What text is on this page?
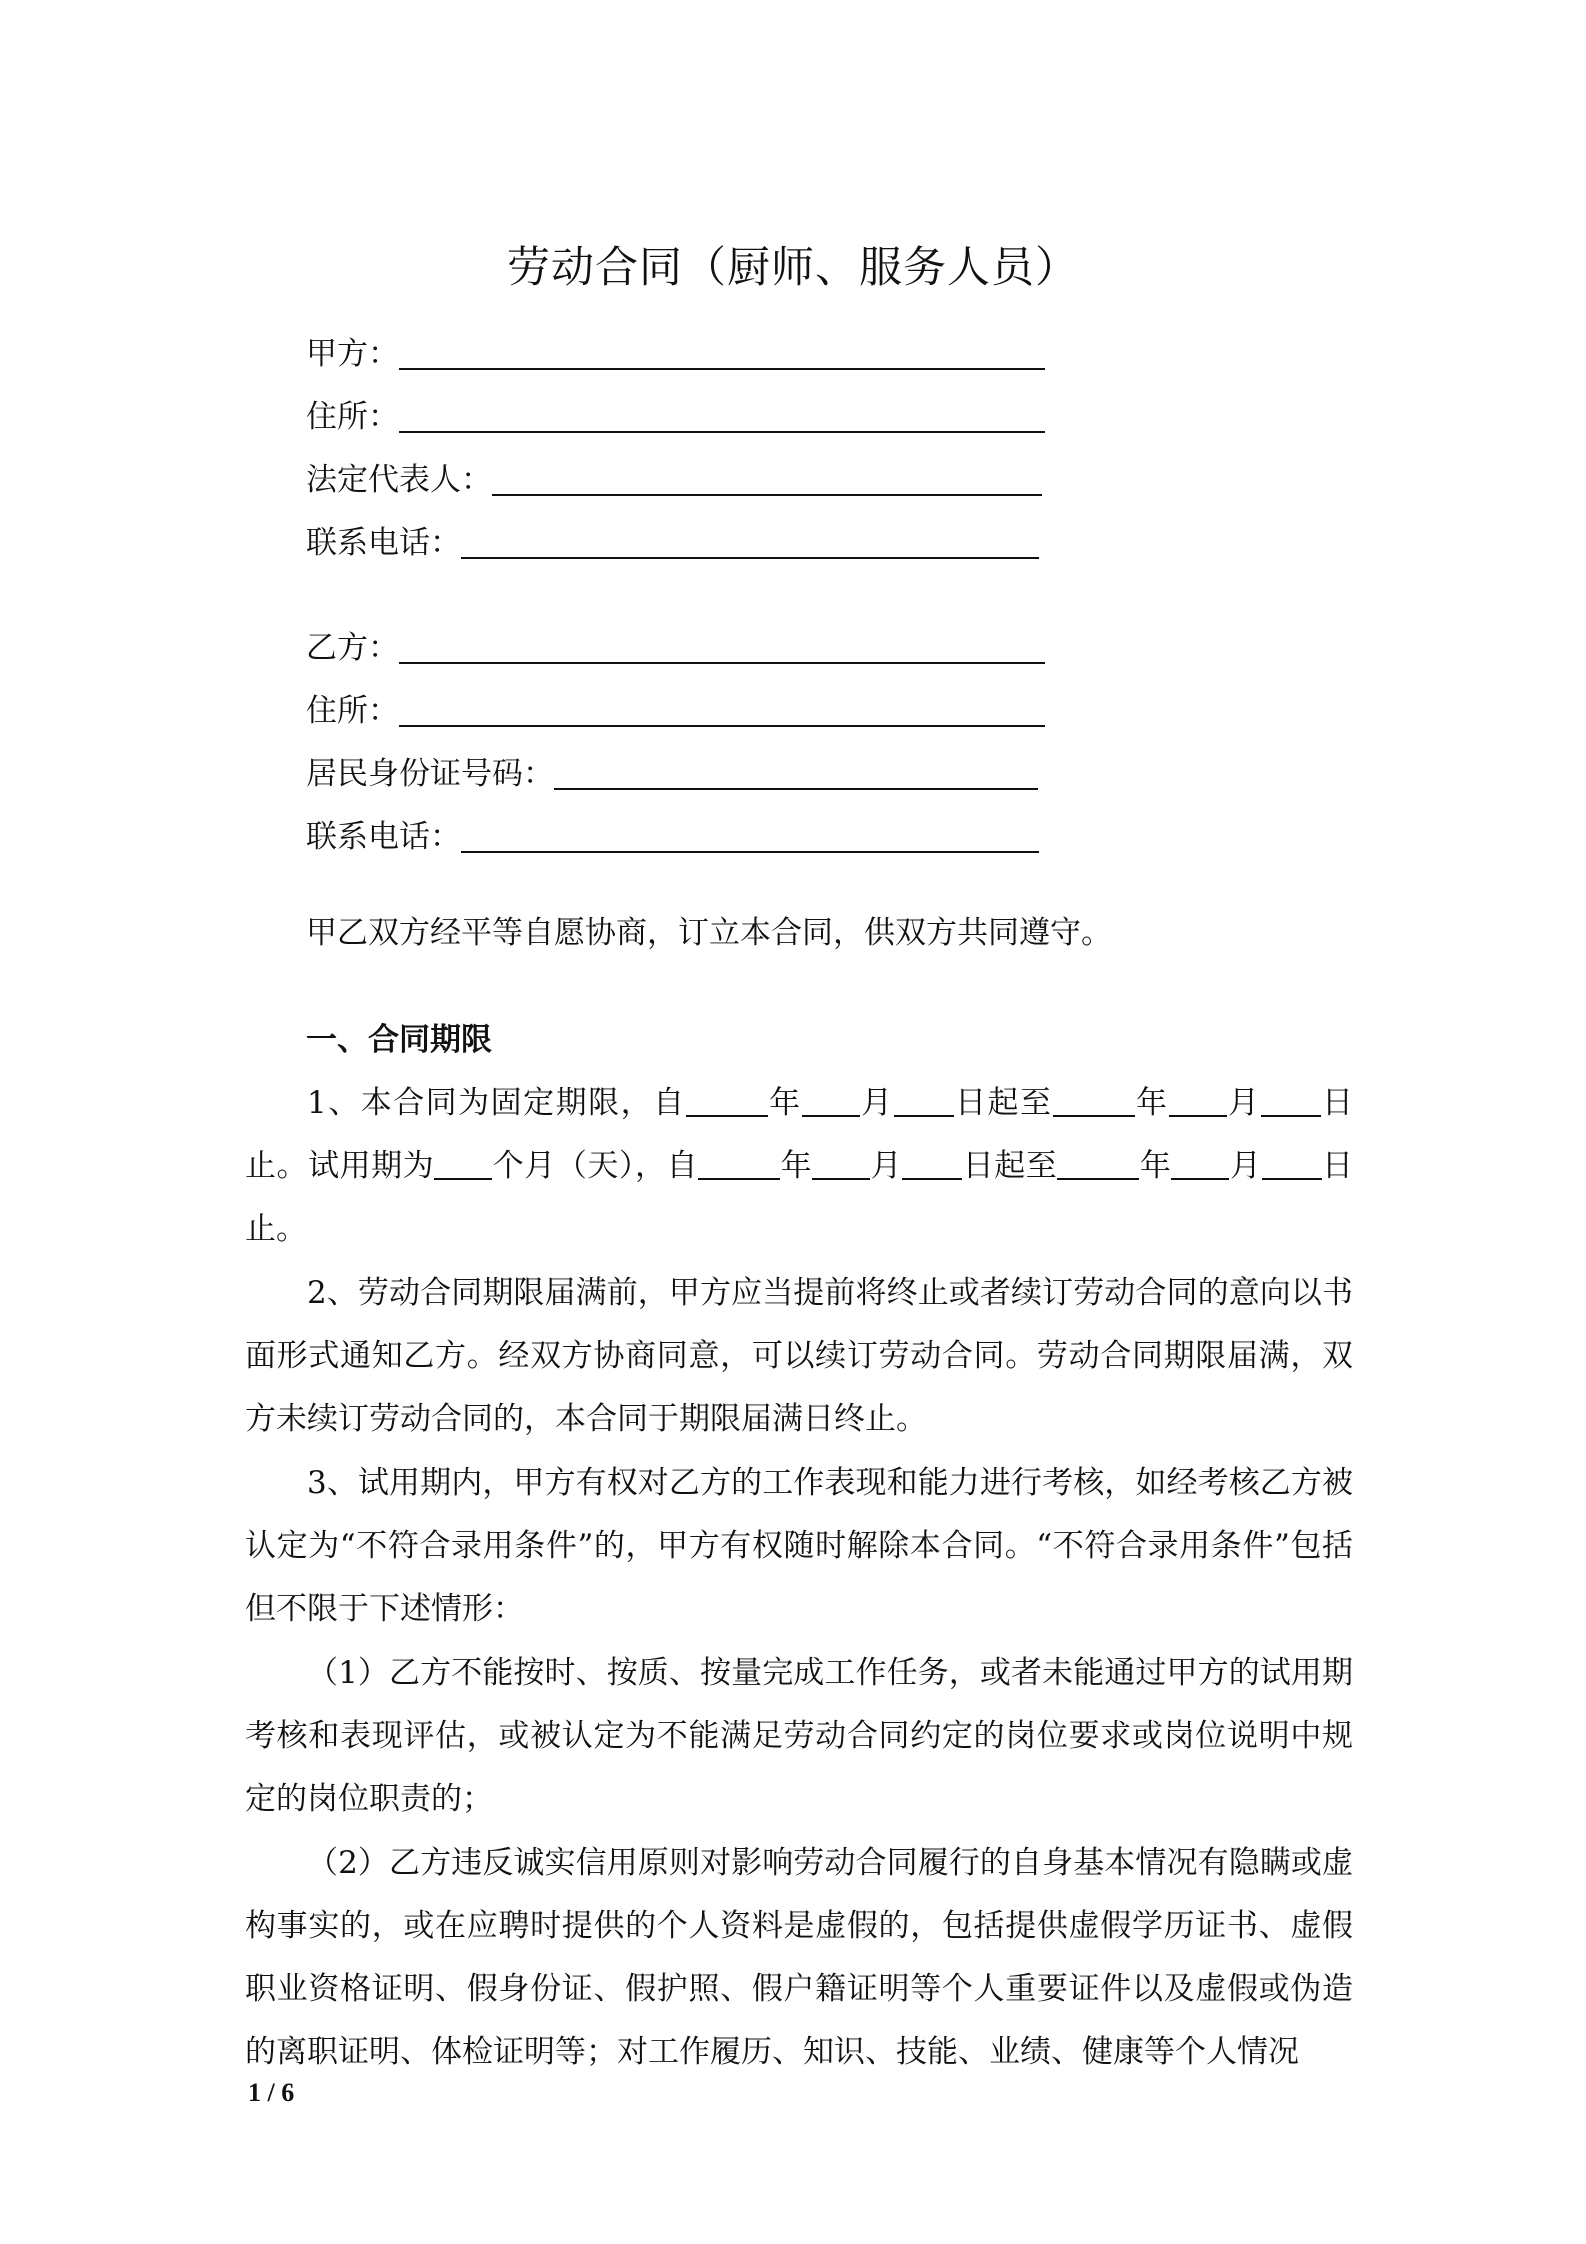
劳动合同（厨师、服务人员）
甲方：
住所：
法定代表人：
联系电话：
乙方：
住所：
居民身份证号码：
联系电话：
甲乙双方经平等自愿协商，订立本合同，供双方共同遵守。
一、合同期限

1、本合同为固定期限，自	年 月 日起至	年 月 日止。试用期为 个月（天），自	年 月 日起至	年 月 日止。

2、劳动合同期限届满前，甲方应当提前将终止或者续订劳动合同的意向以书面形式通知乙方。经双方协商同意，可以续订劳动合同。劳动合同期限届满，双方未续订劳动合同的，本合同于期限届满日终止。

3、试用期内，甲方有权对乙方的工作表现和能力进行考核，如经考核乙方被认定为“不符合录用条件”的，甲方有权随时解除本合同。“不符合录用条件”包括但不限于下述情形：

（1）乙方不能按时、按质、按量完成工作任务，或者未能通过甲方的试用期考核和表现评估，或被认定为不能满足劳动合同约定的岗位要求或岗位说明中规定的岗位职责的；

（2）乙方违反诚实信用原则对影响劳动合同履行的自身基本情况有隐瞒或虚构事实的，或在应聘时提供的个人资料是虚假的，包括提供虚假学历证书、虚假职业资格证明、假身份证、假护照、假户籍证明等个人重要证件以及虚假或伪造的离职证明、体检证明等；对工作履历、知识、技能、业绩、健康等个人情况

1 / 6
